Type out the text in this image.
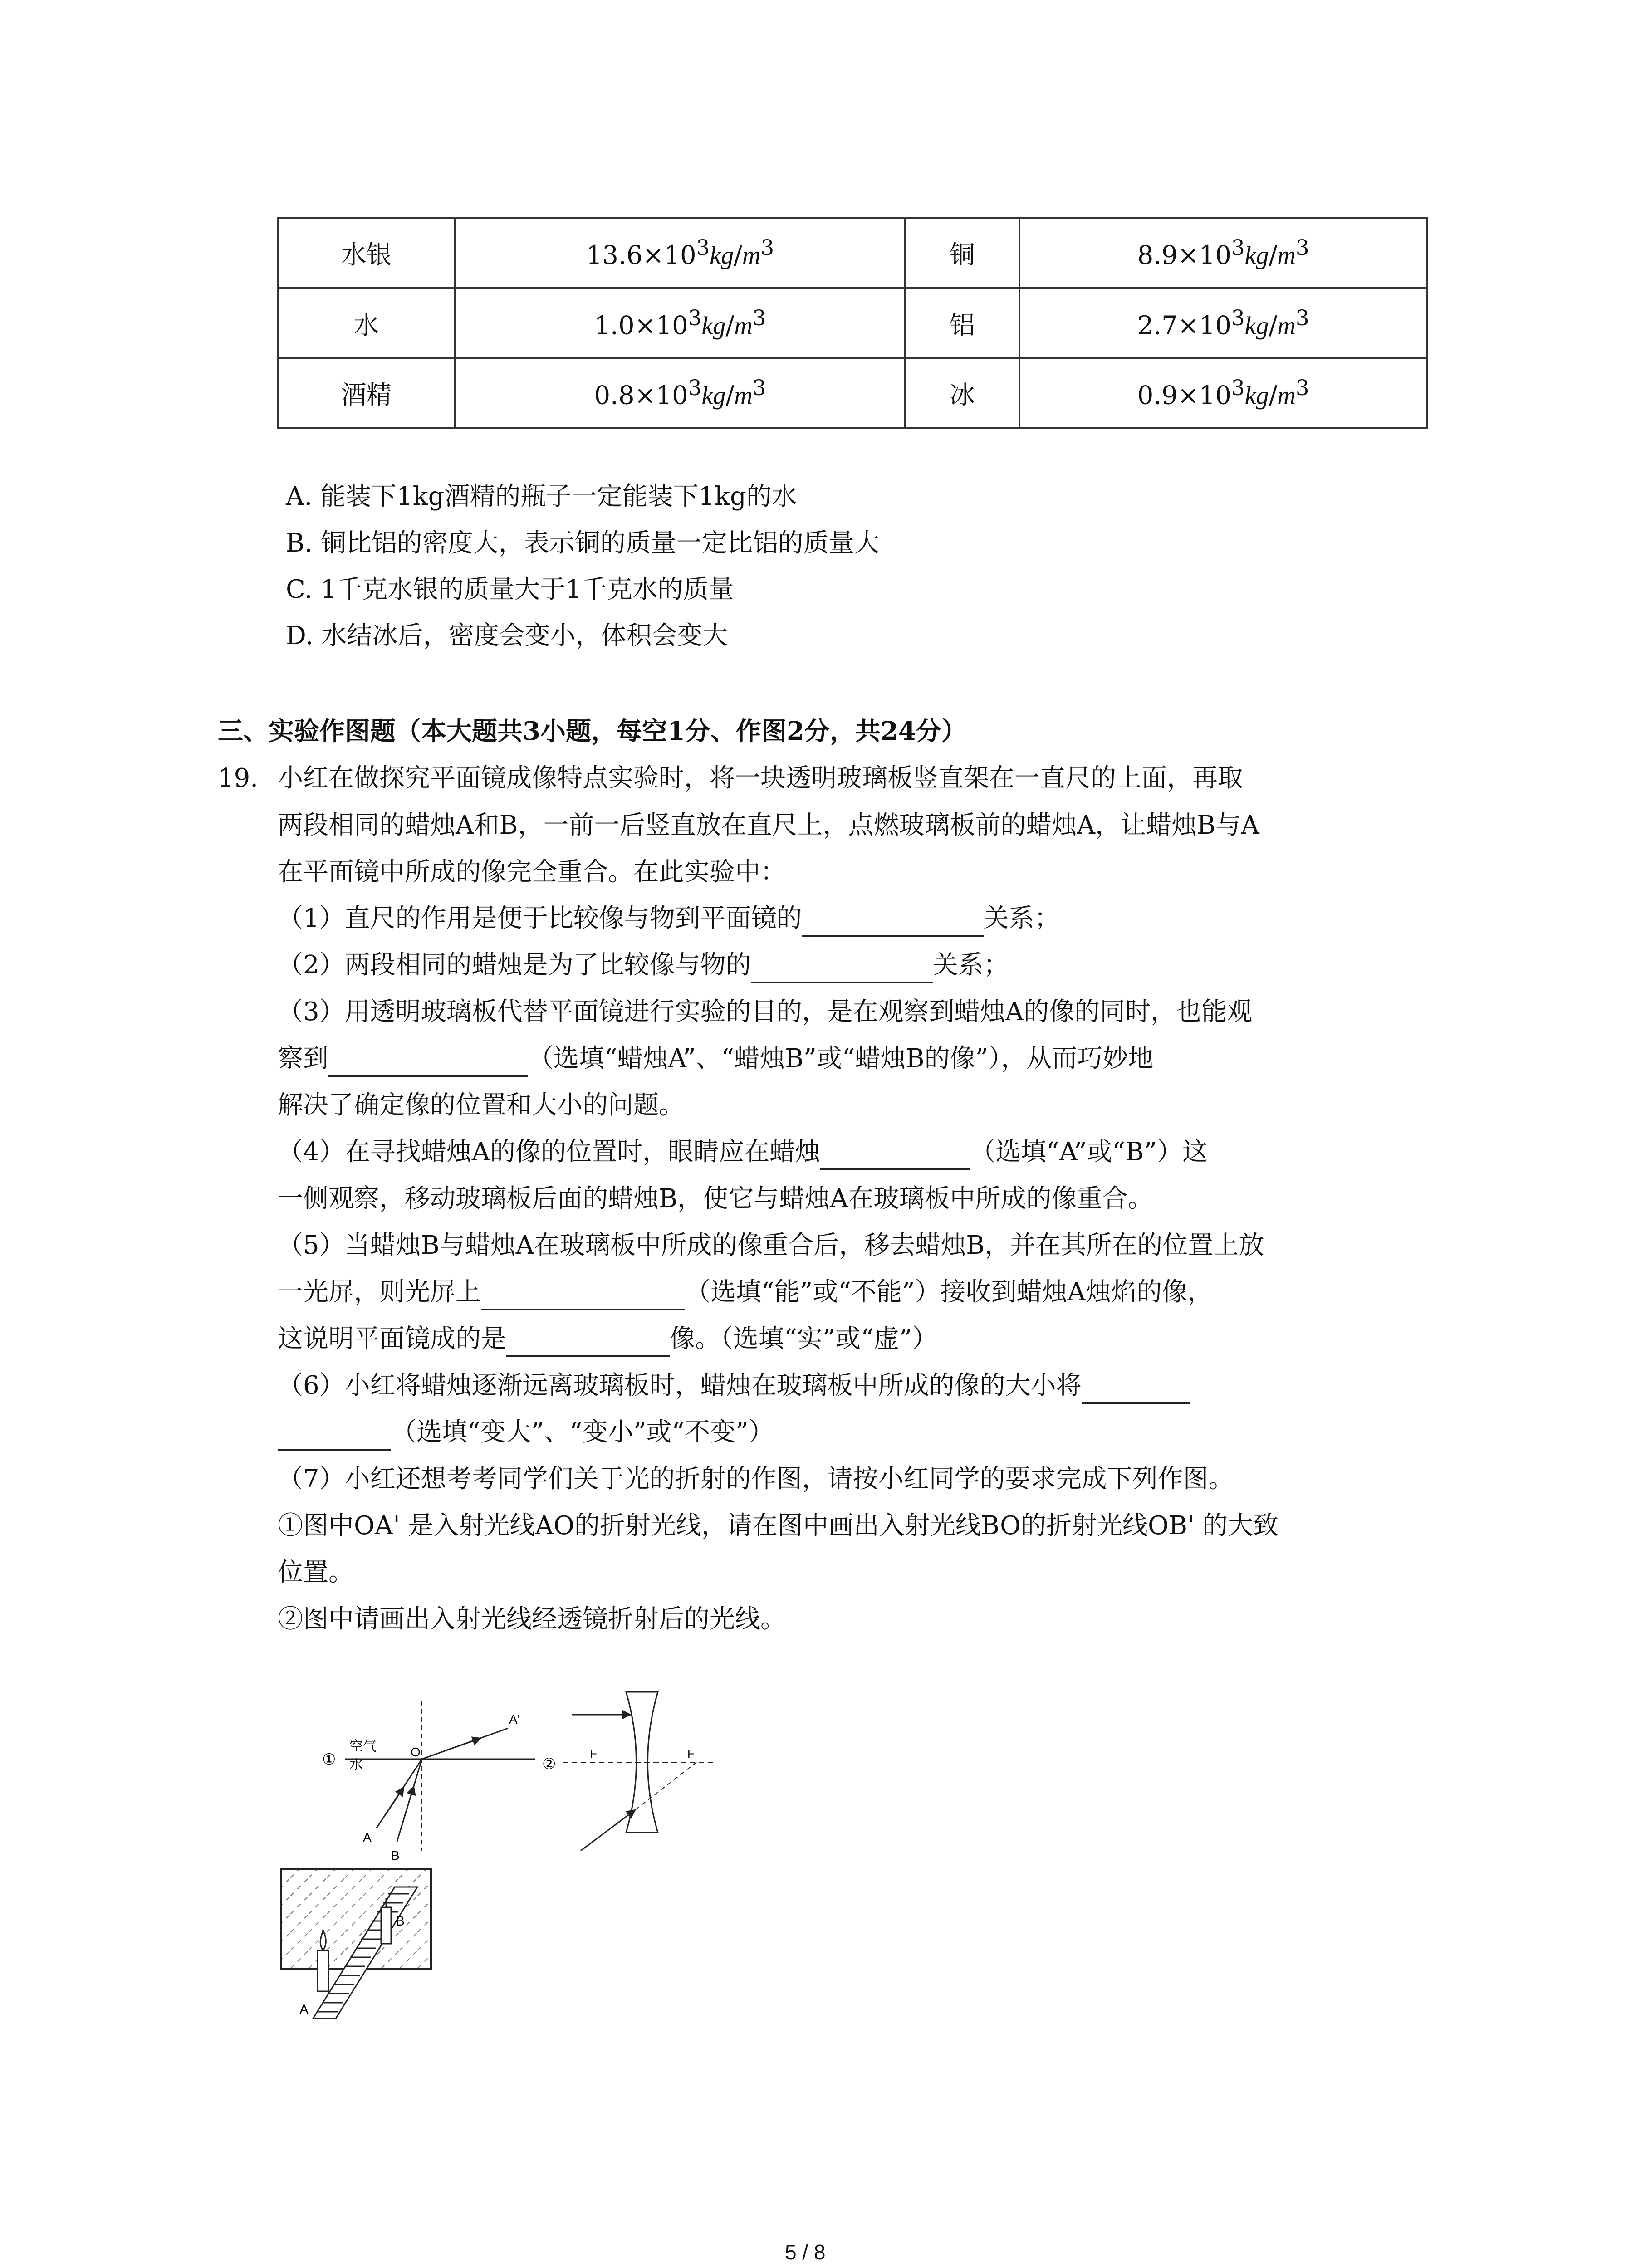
水银	$13.6\times 10^3kg/m^3$	铜	$8.9\times 10^3kg/m^3$
水	$1.0\times 10^3kg/m^3$	铝	$2.7\times 10^3kg/m^3$
酒精	$0.8\times 10^3kg/m^3$	冰	$0.9\times 10^3kg/m^3$
A. 能装下1kg酒精的瓶子一定能装下1kg的水
B. 铜比铝的密度大，表示铜的质量一定比铝的质量大
C. 1千克水银的质量大于1千克水的质量
D. 水结冰后，密度会变小，体积会变大
三、实验作图题（本大题共3小题，每空1分、作图2分，共24分）
19. 小红在做探究平面镜成像特点实验时，将一块透明玻璃板竖直架在一直尺的上面，再取
两段相同的蜡烛A和B，一前一后竖直放在直尺上，点燃玻璃板前的蜡烛A，让蜡烛B与A
在平面镜中所成的像完全重合。在此实验中：
（1）直尺的作用是便于比较像与物到平面镜的	关系；
（2）两段相同的蜡烛是为了比较像与物的	关系；
（3）用透明玻璃板代替平面镜进行实验的目的，是在观察到蜡烛A的像的同时，也能观
察到	（选填“蜡烛A”、“蜡烛B”或“蜡烛B的像”），从而巧妙地
解决了确定像的位置和大小的问题。
（4）在寻找蜡烛A的像的位置时，眼睛应在蜡烛	（选填“A”或“B”）这
一侧观察，移动玻璃板后面的蜡烛B，使它与蜡烛A在玻璃板中所成的像重合。
（5）当蜡烛B与蜡烛A在玻璃板中所成的像重合后，移去蜡烛B，并在其所在的位置上放
一光屏，则光屏上	（选填“能”或“不能”）接收到蜡烛A烛焰的像，
这说明平面镜成的是	像。（选填“实”或“虚”）
（6）小红将蜡烛逐渐远离玻璃板时，蜡烛在玻璃板中所成的像的大小将
（选填“变大”、“变小”或“不变”）
（7）小红还想考考同学们关于光的折射的作图，请按小红同学的要求完成下列作图。
①图中OA' 是入射光线AO的折射光线，请在图中画出入射光线BO的折射光线OB' 的大致
位置。
②图中请画出入射光线经透镜折射后的光线。
①
空气
水
O
A'
A
B
②
F	F
B
A
5 / 8
